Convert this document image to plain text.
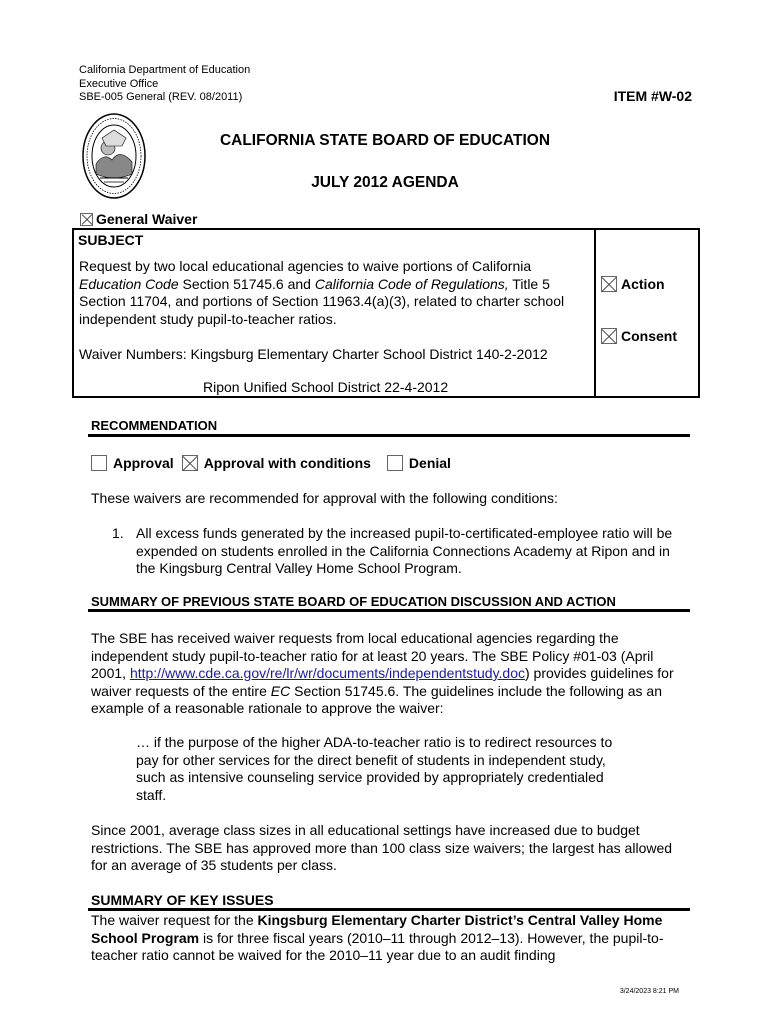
California Department of Education
Executive Office
SBE-005 General (REV. 08/2011)	ITEM #W-02
CALIFORNIA STATE BOARD OF EDUCATION
JULY 2012 AGENDA
General Waiver
SUBJECT
Request by two local educational agencies to waive portions of California Education Code Section 51745.6 and California Code of Regulations, Title 5 Section 11704, and portions of Section 11963.4(a)(3), related to charter school independent study pupil-to-teacher ratios.
Waiver Numbers: Kingsburg Elementary Charter School District 140-2-2012
Ripon Unified School District 22-4-2012
Action
Consent
RECOMMENDATION
Approval Approval with conditions	Denial
These waivers are recommended for approval with the following conditions:
1. All excess funds generated by the increased pupil-to-certificated-employee ratio will be expended on students enrolled in the California Connections Academy at Ripon and in the Kingsburg Central Valley Home School Program.
SUMMARY OF PREVIOUS STATE BOARD OF EDUCATION DISCUSSION AND ACTION
The SBE has received waiver requests from local educational agencies regarding the independent study pupil-to-teacher ratio for at least 20 years. The SBE Policy #01-03 (April 2001, http://www.cde.ca.gov/re/lr/wr/documents/independentstudy.doc) provides guidelines for waiver requests of the entire EC Section 51745.6. The guidelines include the following as an example of a reasonable rationale to approve the waiver:
… if the purpose of the higher ADA-to-teacher ratio is to redirect resources to pay for other services for the direct benefit of students in independent study, such as intensive counseling service provided by appropriately credentialed staff.
Since 2001, average class sizes in all educational settings have increased due to budget restrictions. The SBE has approved more than 100 class size waivers; the largest has allowed for an average of 35 students per class.
SUMMARY OF KEY ISSUES
The waiver request for the Kingsburg Elementary Charter District’s Central Valley Home School Program is for three fiscal years (2010–11 through 2012–13). However, the pupil-to-teacher ratio cannot be waived for the 2010–11 year due to an audit finding
3/24/2023 8:21 PM
